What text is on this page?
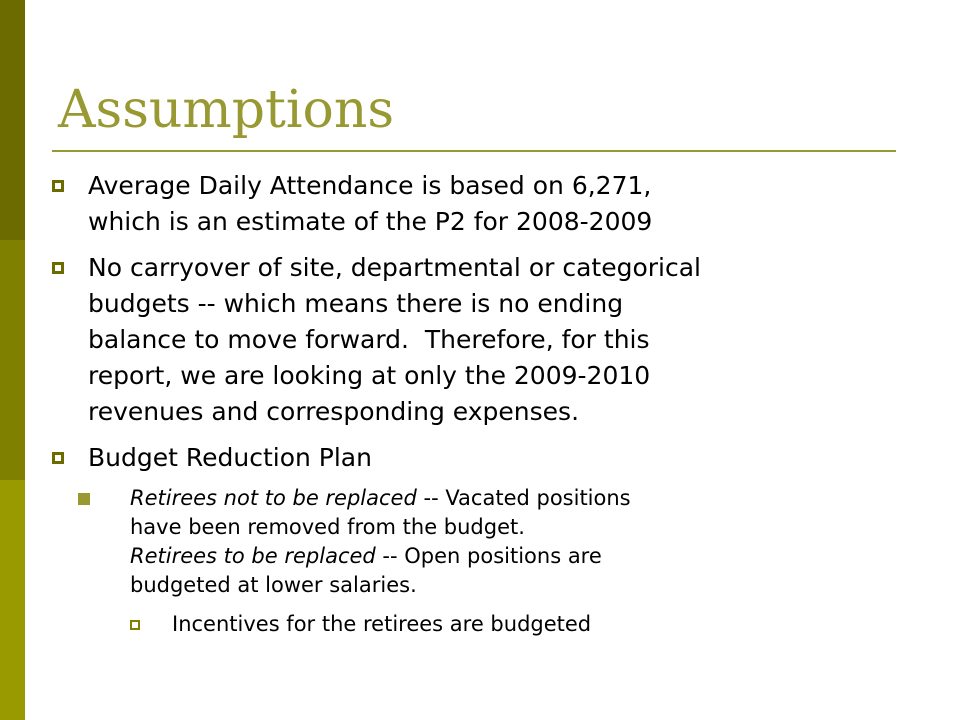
Assumptions
Average Daily Attendance is based on 6,271,
which is an estimate of the P2 for 2008-2009
No carryover of site, departmental or categorical
budgets -- which means there is no ending
balance to move forward.  Therefore, for this
report, we are looking at only the 2009-2010
revenues and corresponding expenses.
Budget Reduction Plan
Retirees not to be replaced -- Vacated positions
have been removed from the budget.
Retirees to be replaced -- Open positions are
budgeted at lower salaries.
Incentives for the retirees are budgeted
